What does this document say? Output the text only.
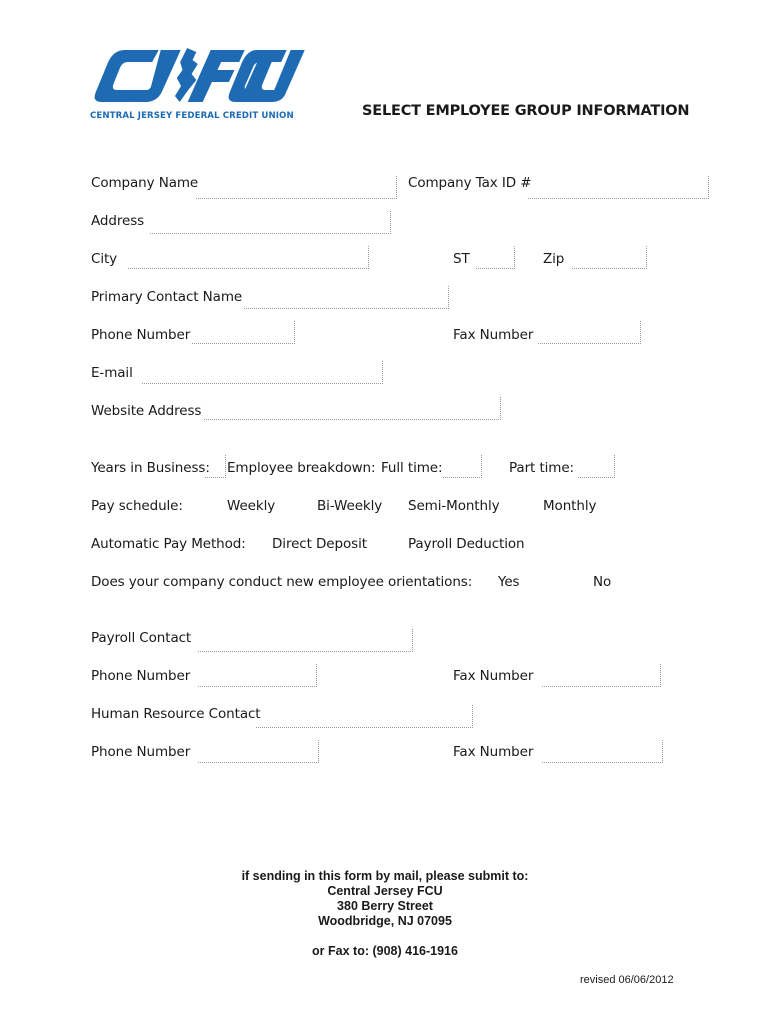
CENTRAL JERSEY FEDERAL CREDIT UNION	SELECT EMPLOYEE GROUP INFORMATION
Company Name	Company Tax ID #
Address
City	ST	Zip
Primary Contact Name
Phone Number	Fax Number
E-mail
Website Address
Years in Business: Employee breakdown: Full time:	Part time:
Pay schedule:	Weekly	Bi-Weekly Semi-Monthly	Monthly
Automatic Pay Method: Direct Deposit	Payroll Deduction
Does your company conduct new employee orientations: Yes	No
Payroll Contact
Phone Number	Fax Number
Human Resource Contact
Phone Number	Fax Number
if sending in this form by mail, please submit to:
Central Jersey FCU
380 Berry Street
Woodbridge, NJ 07095
or Fax to: (908) 416-1916
revised 06/06/2012
